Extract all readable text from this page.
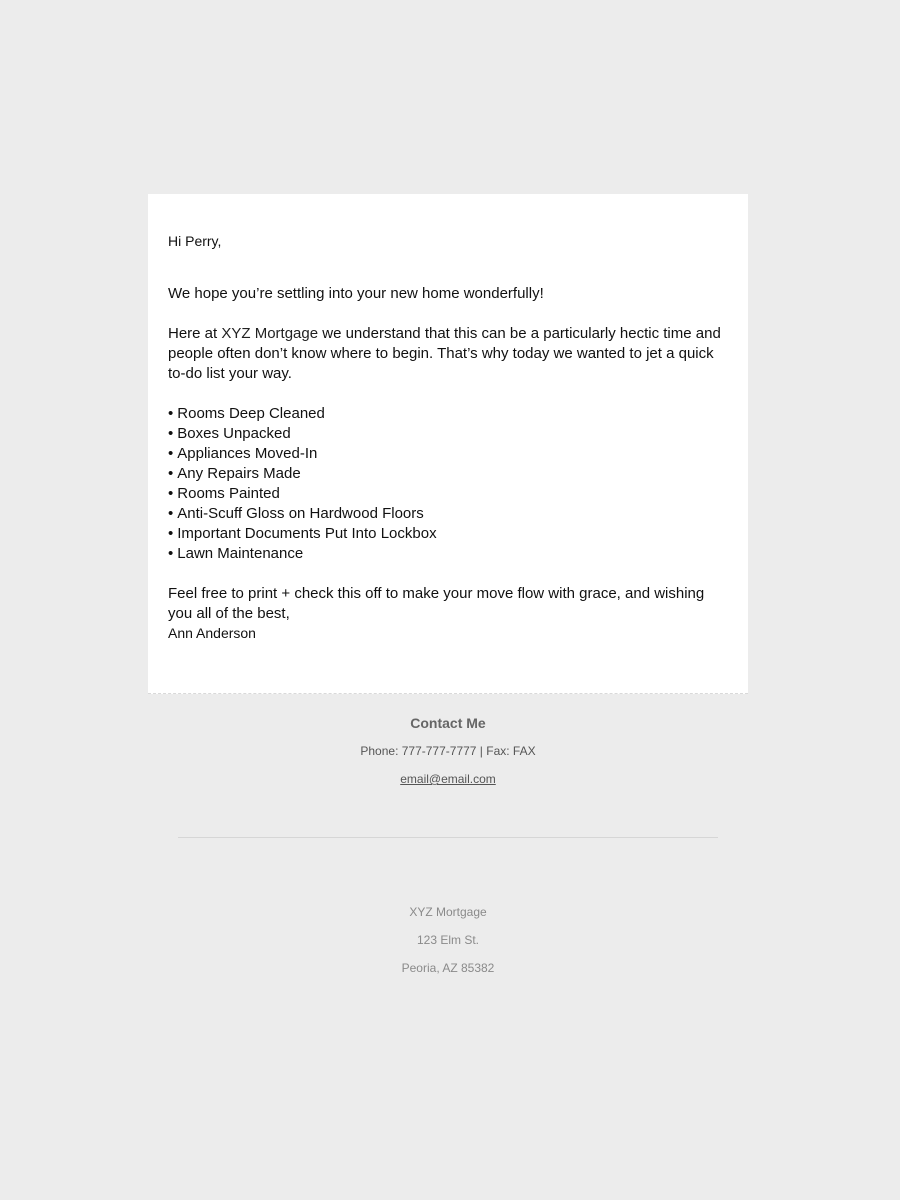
Hi Perry,

We hope you’re settling into your new home wonderfully!

Here at XYZ Mortgage we understand that this can be a particularly hectic time and people often don’t know where to begin. That’s why today we wanted to jet a quick to-do list your way.

• Rooms Deep Cleaned
• Boxes Unpacked
• Appliances Moved-In
• Any Repairs Made
• Rooms Painted
• Anti-Scuff Gloss on Hardwood Floors
• Important Documents Put Into Lockbox
• Lawn Maintenance

Feel free to print + check this off to make your move flow with grace, and wishing you all of the best,

Ann Anderson

Contact Me
Phone: 777-777-7777 | Fax: FAX
email@email.com
XYZ Mortgage
123 Elm St.
Peoria, AZ 85382
